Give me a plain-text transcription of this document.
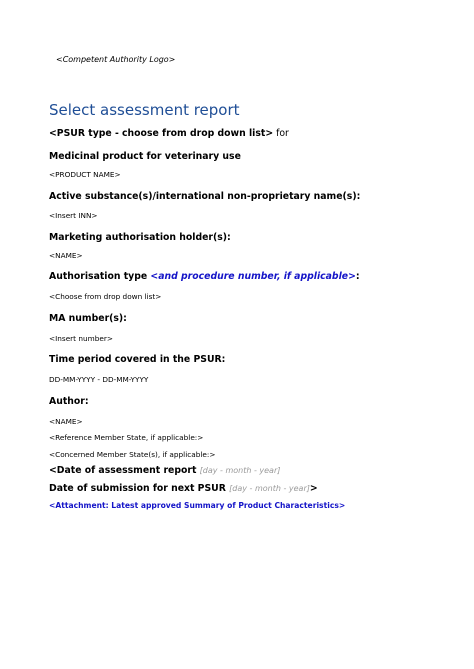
<Competent Authority Logo>
Select assessment report
<PSUR type - choose from drop down list> for
Medicinal product for veterinary use
<PRODUCT NAME>
Active substance(s)/international non-proprietary name(s):
<Insert INN>
Marketing authorisation holder(s):
<NAME>
Authorisation type <and procedure number, if applicable>:
<Choose from drop down list>
MA number(s):
<Insert number>
Time period covered in the PSUR:
DD-MM-YYYY - DD-MM-YYYY
Author:
<NAME>
<Reference Member State, if applicable:>
<Concerned Member State(s), if applicable:>
<Date of assessment report [day - month - year]
Date of submission for next PSUR [day - month - year]>
<Attachment: Latest approved Summary of Product Characteristics>
